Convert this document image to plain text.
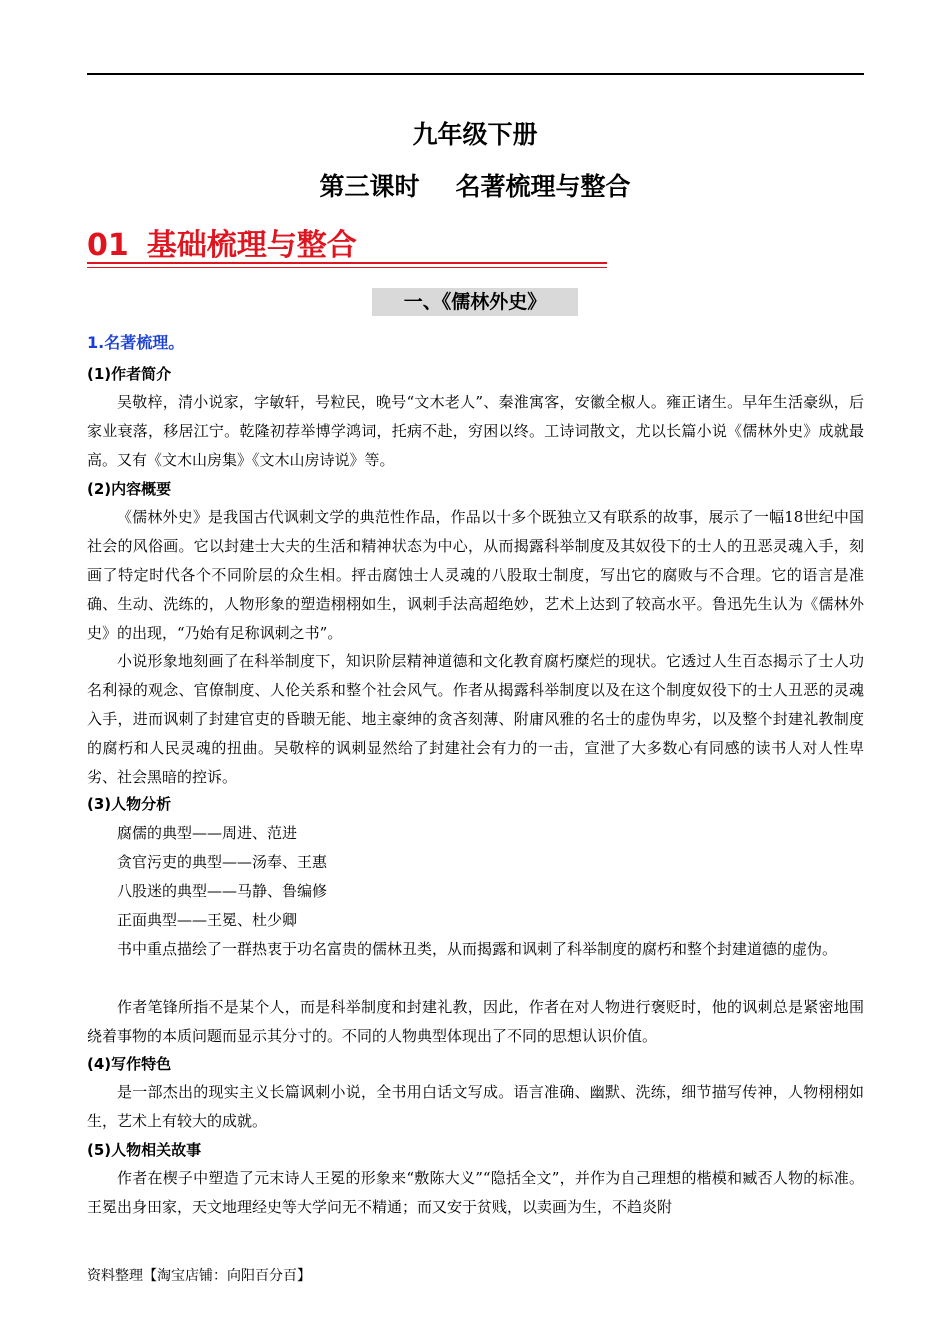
九年级下册
第三课时 名著梳理与整合
01 基础梳理与整合
一、《儒林外史》
1.名著梳理。
(1)作者简介
吴敬梓，清小说家，字敏轩，号粒民，晚号“文木老人”、秦淮寓客，安徽全椒人。雍正诸生。早年生活豪纵，后家业衰落，移居江宁。乾隆初荐举博学鸿词，托病不赴，穷困以终。工诗词散文，尤以长篇小说《儒林外史》成就最高。又有《文木山房集》《文木山房诗说》等。
(2)内容概要
《儒林外史》是我国古代讽刺文学的典范性作品，作品以十多个既独立又有联系的故事，展示了一幅18世纪中国社会的风俗画。它以封建士大夫的生活和精神状态为中心，从而揭露科举制度及其奴役下的士人的丑恶灵魂入手，刻画了特定时代各个不同阶层的众生相。抨击腐蚀士人灵魂的八股取士制度，写出它的腐败与不合理。它的语言是准确、生动、洗练的，人物形象的塑造栩栩如生，讽刺手法高超绝妙，艺术上达到了较高水平。鲁迅先生认为《儒林外史》的出现，“乃始有足称讽刺之书”。
小说形象地刻画了在科举制度下，知识阶层精神道德和文化教育腐朽糜烂的现状。它透过人生百态揭示了士人功名利禄的观念、官僚制度、人伦关系和整个社会风气。作者从揭露科举制度以及在这个制度奴役下的士人丑恶的灵魂入手，进而讽刺了封建官吏的昏聩无能、地主豪绅的贪吝刻薄、附庸风雅的名士的虚伪卑劣，以及整个封建礼教制度的腐朽和人民灵魂的扭曲。吴敬梓的讽刺显然给了封建社会有力的一击，宣泄了大多数心有同感的读书人对人性卑劣、社会黑暗的控诉。
(3)人物分析
腐儒的典型——周进、范进
贪官污吏的典型——汤奉、王惠
八股迷的典型——马静、鲁编修
正面典型——王冕、杜少卿
书中重点描绘了一群热衷于功名富贵的儒林丑类，从而揭露和讽刺了科举制度的腐朽和整个封建道德的虚伪。
作者笔锋所指不是某个人，而是科举制度和封建礼教，因此，作者在对人物进行褒贬时，他的讽刺总是紧密地围绕着事物的本质问题而显示其分寸的。不同的人物典型体现出了不同的思想认识价值。
(4)写作特色
是一部杰出的现实主义长篇讽刺小说，全书用白话文写成。语言准确、幽默、洗练，细节描写传神，人物栩栩如生，艺术上有较大的成就。
(5)人物相关故事
作者在楔子中塑造了元末诗人王冕的形象来“敷陈大义”“隐括全文”，并作为自己理想的楷模和臧否人物的标准。王冕出身田家，天文地理经史等大学问无不精通；而又安于贫贱，以卖画为生，不趋炎附
资料整理【淘宝店铺：向阳百分百】
